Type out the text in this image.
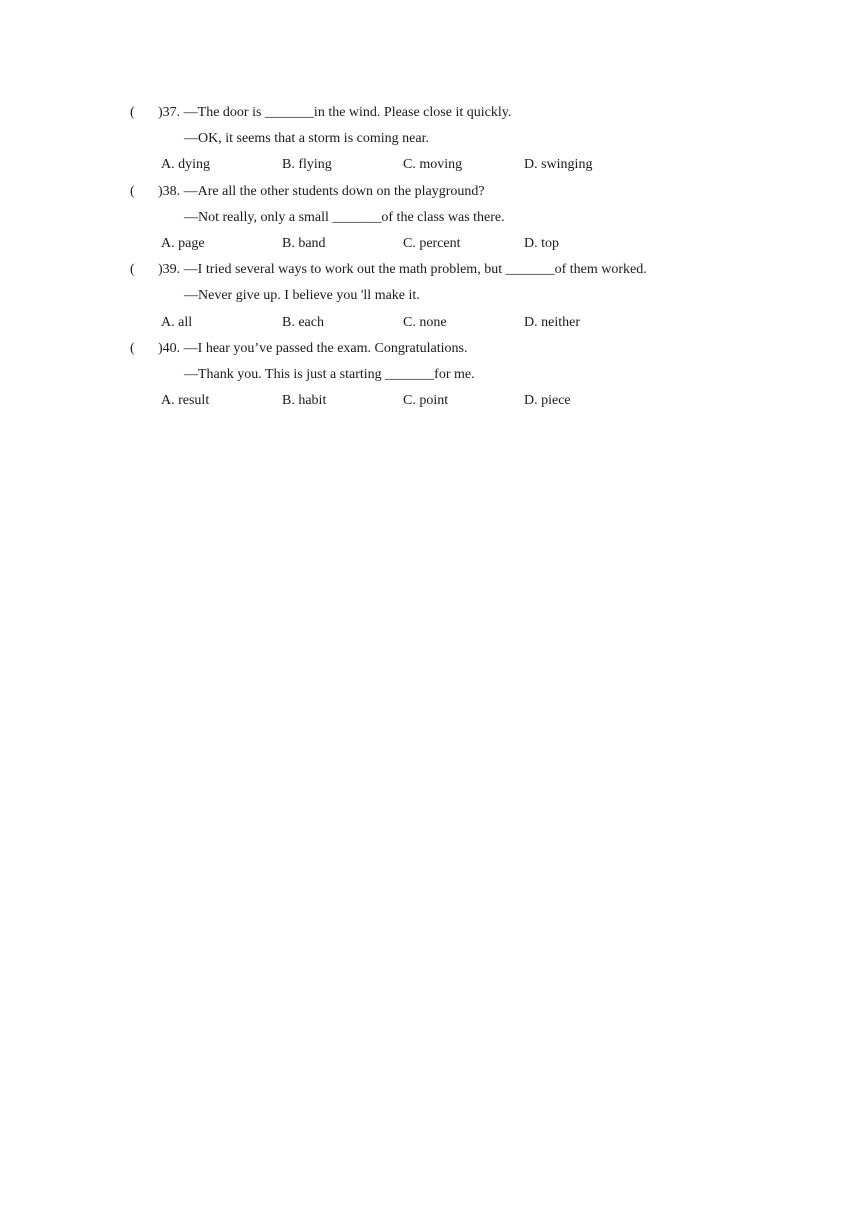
( )37. —The door is _______in the wind. Please close it quickly.
—OK, it seems that a storm is coming near.
A. dying	B. flying	C. moving	D. swinging
( )38. —Are all the other students down on the playground?
—Not really, only a small _______of the class was there.
A. page	B. band	C. percent	D. top
( )39. —I tried several ways to work out the math problem, but _______of them worked.
—Never give up. I believe you 'll make it.
A. all	B. each	C. none	D. neither
( )40. —I hear you’ve passed the exam. Congratulations.
—Thank you. This is just a starting _______for me.
A. result	B. habit	C. point	D. piece
